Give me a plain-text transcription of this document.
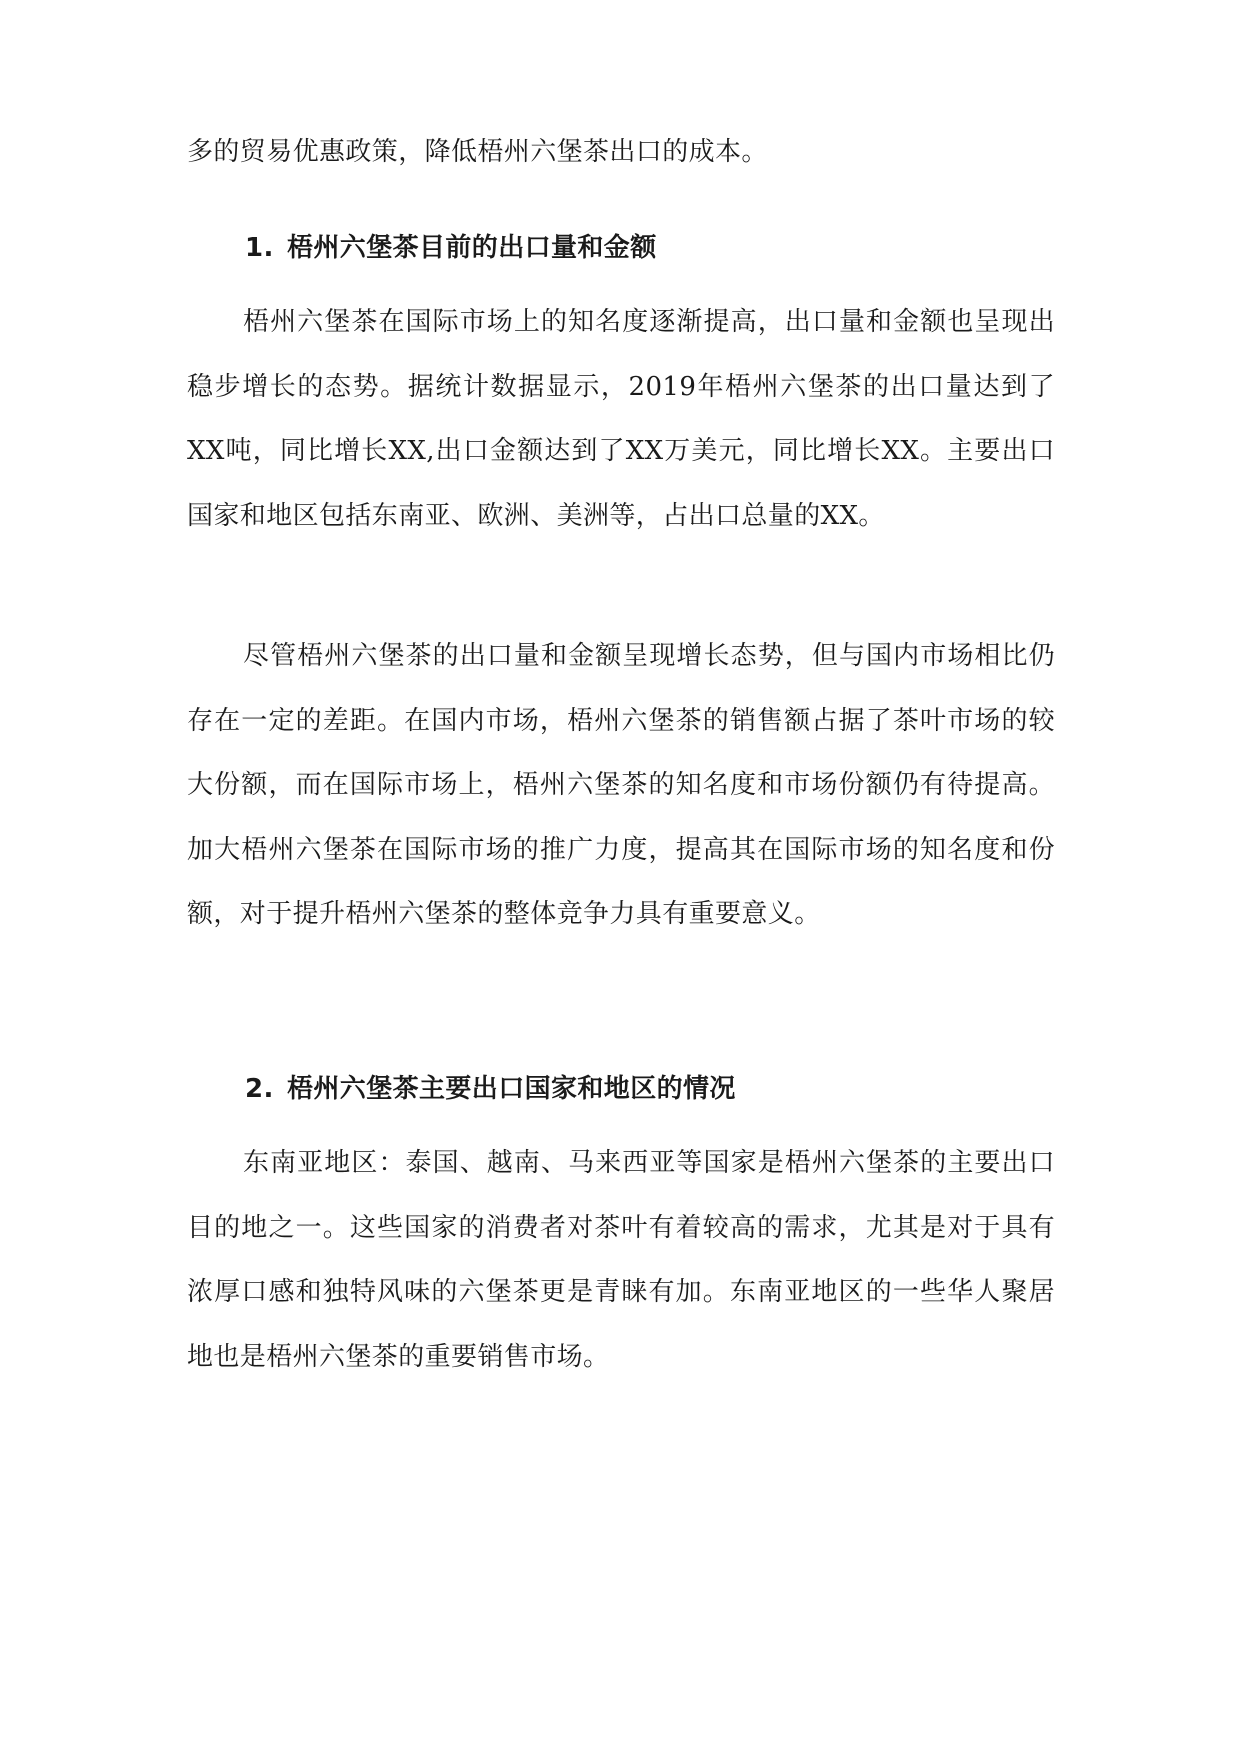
多的贸易优惠政策，降低梧州六堡茶出口的成本。

1. 梧州六堡茶目前的出口量和金额

梧州六堡茶在国际市场上的知名度逐渐提高，出口量和金额也呈现出稳步增长的态势。据统计数据显示，2019年梧州六堡茶的出口量达到了XX吨，同比增长XX,出口金额达到了XX万美元，同比增长XX。主要出口国家和地区包括东南亚、欧洲、美洲等，占出口总量的XX。

尽管梧州六堡茶的出口量和金额呈现增长态势，但与国内市场相比仍存在一定的差距。在国内市场，梧州六堡茶的销售额占据了茶叶市场的较大份额，而在国际市场上，梧州六堡茶的知名度和市场份额仍有待提高。加大梧州六堡茶在国际市场的推广力度，提高其在国际市场的知名度和份额，对于提升梧州六堡茶的整体竞争力具有重要意义。

2. 梧州六堡茶主要出口国家和地区的情况

东南亚地区：泰国、越南、马来西亚等国家是梧州六堡茶的主要出口目的地之一。这些国家的消费者对茶叶有着较高的需求，尤其是对于具有浓厚口感和独特风味的六堡茶更是青睐有加。东南亚地区的一些华人聚居地也是梧州六堡茶的重要销售市场。
